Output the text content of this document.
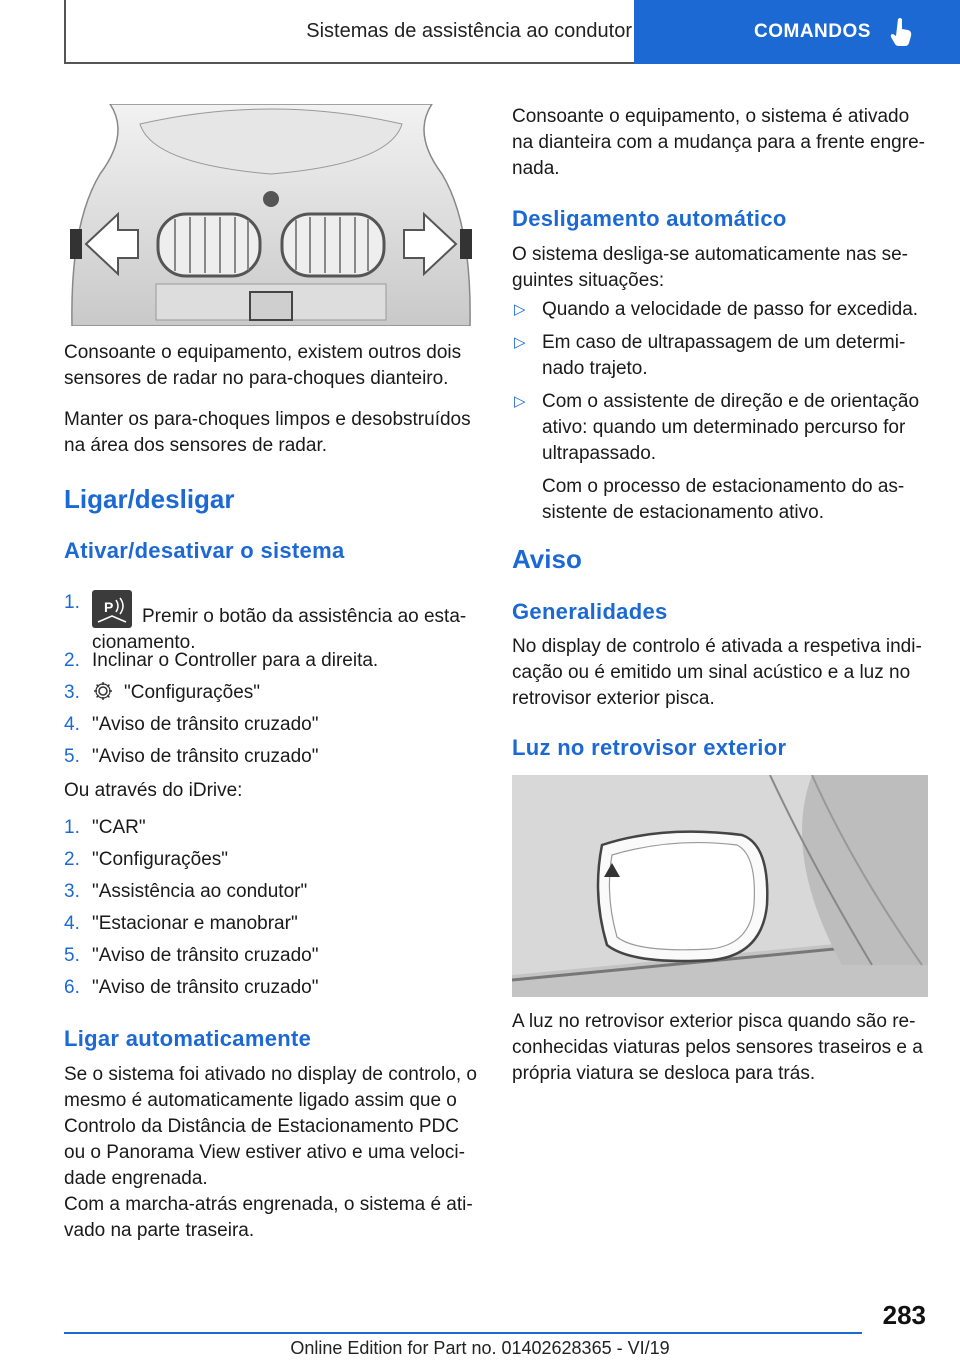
Sistemas de assistência ao condutor	COMANDOS

Consoante o equipamento, existem outros dois sensores de radar no para-choques dianteiro.

Manter os para-choques limpos e desobstruídos na área dos sensores de radar.

Ligar/desligar
Ativar/desativar o sistema
1. P Premir o botão da assistência ao esta-cionamento.
2. Inclinar o Controller para a direita.
3. "Configurações"
4. "Aviso de trânsito cruzado"
5. "Aviso de trânsito cruzado"

Ou através do iDrive:

1. "CAR"
2. "Configurações"
3. "Assistência ao condutor"
4. "Estacionar e manobrar"
5. "Aviso de trânsito cruzado"
6. "Aviso de trânsito cruzado"
Ligar automaticamente

Se o sistema foi ativado no display de controlo, o mesmo é automaticamente ligado assim que o Controlo da Distância de Estacionamento PDC ou o Panorama View estiver ativo e uma veloci-dade engrenada.

Com a marcha-atrás engrenada, o sistema é ati-vado na parte traseira.

Consoante o equipamento, o sistema é ativado na dianteira com a mudança para a frente engre-nada.

Desligamento automático

O sistema desliga-se automaticamente nas se-guintes situações:

▷ Quando a velocidade de passo for excedida.
▷ Em caso de ultrapassagem de um determi-nado trajeto.
▷ Com o assistente de direção e de orientação ativo: quando um determinado percurso for ultrapassado.
Com o processo de estacionamento do as-sistente de estacionamento ativo.
Aviso
Generalidades

No display de controlo é ativada a respetiva indi-cação ou é emitido um sinal acústico e a luz no retrovisor exterior pisca.

Luz no retrovisor exterior

A luz no retrovisor exterior pisca quando são re-conhecidas viaturas pelos sensores traseiros e a própria viatura se desloca para trás.

283
Online Edition for Part no. 01402628365 - VI/19
